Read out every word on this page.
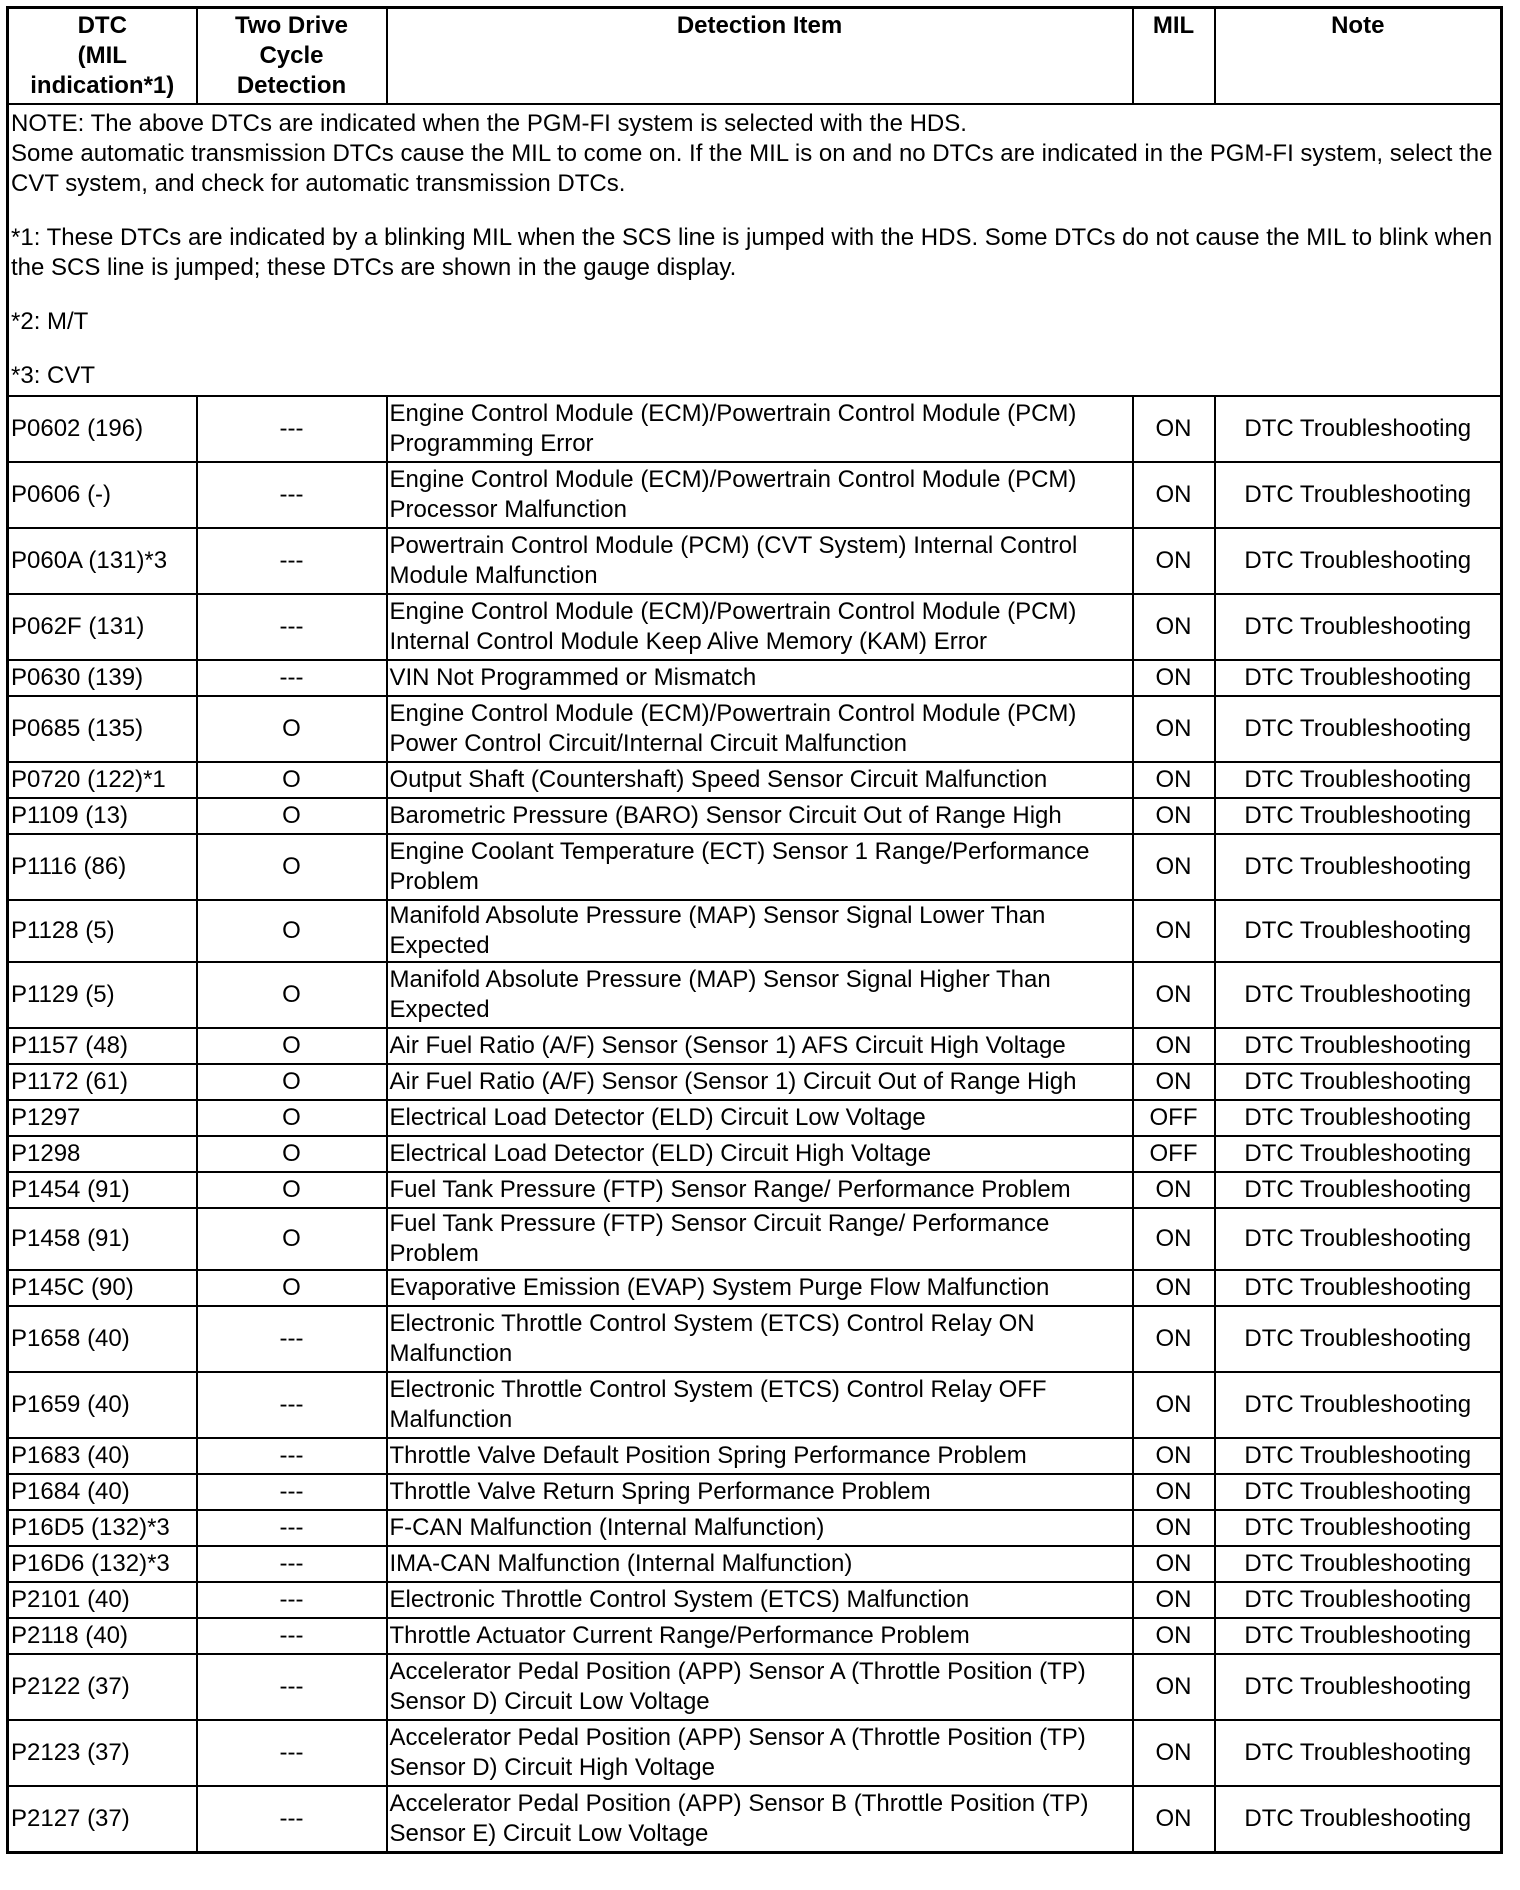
DTC
(MIL
indication*1)	Two Drive
Cycle
Detection	Detection Item	MIL	Note

NOTE: The above DTCs are indicated when the PGM-FI system is selected with the HDS.

Some automatic transmission DTCs cause the MIL to come on. If the MIL is on and no DTCs are indicated in the PGM-FI system, select the CVT system, and check for automatic transmission DTCs.

*1: These DTCs are indicated by a blinking MIL when the SCS line is jumped with the HDS. Some DTCs do not cause the MIL to blink when the SCS line is jumped; these DTCs are shown in the gauge display.

*2: M/T

*3: CVT				

P0602 (196)	---	Engine Control Module (ECM)/Powertrain Control Module (PCM) Programming Error	ON	DTC Troubleshooting
P0606 (-)	---	Engine Control Module (ECM)/Powertrain Control Module (PCM) Processor Malfunction	ON	DTC Troubleshooting
P060A (131)*3	---	Powertrain Control Module (PCM) (CVT System) Internal Control Module Malfunction	ON	DTC Troubleshooting
P062F (131)	---	Engine Control Module (ECM)/Powertrain Control Module (PCM) Internal Control Module Keep Alive Memory (KAM) Error	ON	DTC Troubleshooting
P0630 (139)	---	VIN Not Programmed or Mismatch	ON	DTC Troubleshooting
P0685 (135)	O	Engine Control Module (ECM)/Powertrain Control Module (PCM) Power Control Circuit/Internal Circuit Malfunction	ON	DTC Troubleshooting
P0720 (122)*1	O	Output Shaft (Countershaft) Speed Sensor Circuit Malfunction	ON	DTC Troubleshooting
P1109 (13)	O	Barometric Pressure (BARO) Sensor Circuit Out of Range High	ON	DTC Troubleshooting
P1116 (86)	O	Engine Coolant Temperature (ECT) Sensor 1 Range/Performance Problem	ON	DTC Troubleshooting
P1128 (5)	O	Manifold Absolute Pressure (MAP) Sensor Signal Lower Than Expected	ON	DTC Troubleshooting
P1129 (5)	O	Manifold Absolute Pressure (MAP) Sensor Signal Higher Than Expected	ON	DTC Troubleshooting
P1157 (48)	O	Air Fuel Ratio (A/F) Sensor (Sensor 1) AFS Circuit High Voltage	ON	DTC Troubleshooting
P1172 (61)	O	Air Fuel Ratio (A/F) Sensor (Sensor 1) Circuit Out of Range High	ON	DTC Troubleshooting
P1297	O	Electrical Load Detector (ELD) Circuit Low Voltage	OFF	DTC Troubleshooting
P1298	O	Electrical Load Detector (ELD) Circuit High Voltage	OFF	DTC Troubleshooting
P1454 (91)	O	Fuel Tank Pressure (FTP) Sensor Range/ Performance Problem	ON	DTC Troubleshooting
P1458 (91)	O	Fuel Tank Pressure (FTP) Sensor Circuit Range/ Performance Problem	ON	DTC Troubleshooting
P145C (90)	O	Evaporative Emission (EVAP) System Purge Flow Malfunction	ON	DTC Troubleshooting
P1658 (40)	---	Electronic Throttle Control System (ETCS) Control Relay ON Malfunction	ON	DTC Troubleshooting
P1659 (40)	---	Electronic Throttle Control System (ETCS) Control Relay OFF Malfunction	ON	DTC Troubleshooting
P1683 (40)	---	Throttle Valve Default Position Spring Performance Problem	ON	DTC Troubleshooting
P1684 (40)	---	Throttle Valve Return Spring Performance Problem	ON	DTC Troubleshooting
P16D5 (132)*3	---	F-CAN Malfunction (Internal Malfunction)	ON	DTC Troubleshooting
P16D6 (132)*3	---	IMA-CAN Malfunction (Internal Malfunction)	ON	DTC Troubleshooting
P2101 (40)	---	Electronic Throttle Control System (ETCS) Malfunction	ON	DTC Troubleshooting
P2118 (40)	---	Throttle Actuator Current Range/Performance Problem	ON	DTC Troubleshooting
P2122 (37)	---	Accelerator Pedal Position (APP) Sensor A (Throttle Position (TP) Sensor D) Circuit Low Voltage	ON	DTC Troubleshooting
P2123 (37)	---	Accelerator Pedal Position (APP) Sensor A (Throttle Position (TP) Sensor D) Circuit High Voltage	ON	DTC Troubleshooting
P2127 (37)	---	Accelerator Pedal Position (APP) Sensor B (Throttle Position (TP) Sensor E) Circuit Low Voltage	ON	DTC Troubleshooting
